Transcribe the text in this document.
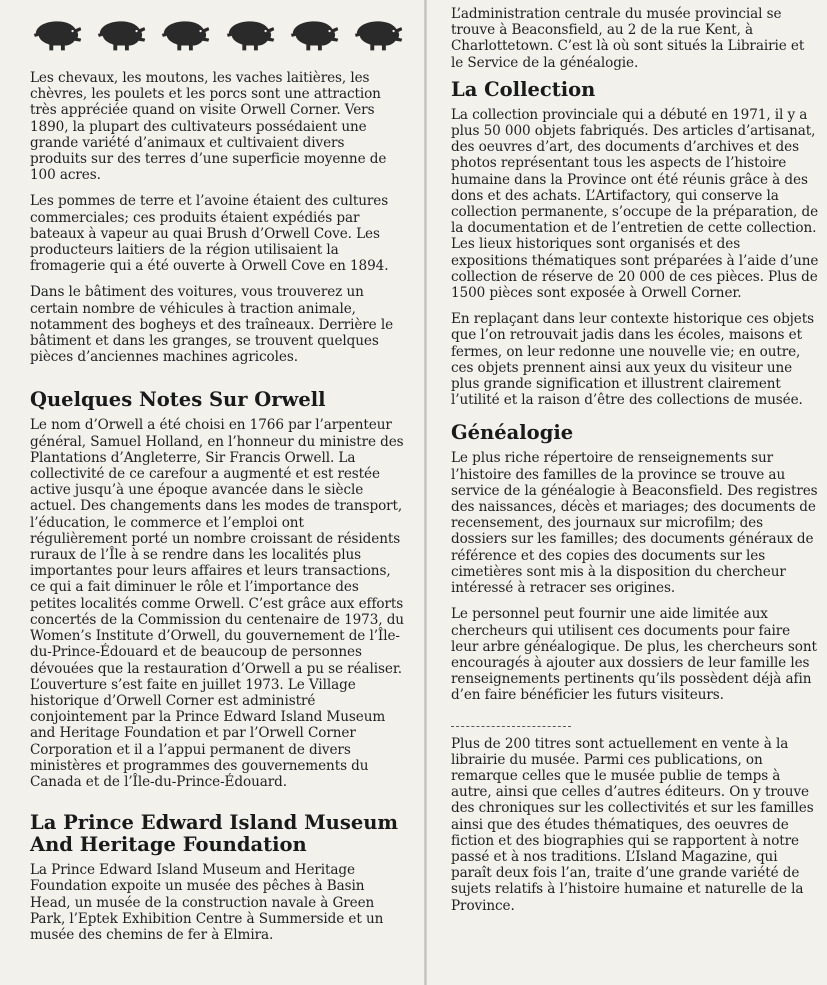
Les chevaux, les moutons, les vaches laitières, les chèvres, les poulets et les porcs sont une attraction très appréciée quand on visite Orwell Corner. Vers 1890, la plupart des cultivateurs possédaient une grande variété d’animaux et cultivaient divers produits sur des terres d’une superficie moyenne de 100 acres.

Les pommes de terre et l’avoine étaient des cultures commerciales; ces produits étaient expédiés par bateaux à vapeur au quai Brush d’Orwell Cove. Les producteurs laitiers de la région utilisaient la fromagerie qui a été ouverte à Orwell Cove en 1894.

Dans le bâtiment des voitures, vous trouverez un certain nombre de véhicules à traction animale, notamment des bogheys et des traîneaux. Derrière le bâtiment et dans les granges, se trouvent quelques pièces d’anciennes machines agricoles.

Quelques Notes Sur Orwell

Le nom d’Orwell a été choisi en 1766 par l’arpenteur général, Samuel Holland, en l’honneur du ministre des Plantations d’Angleterre, Sir Francis Orwell. La collectivité de ce carefour a augmenté et est restée active jusqu’à une époque avancée dans le siècle actuel. Des changements dans les modes de transport, l’éducation, le commerce et l’emploi ont régulièrement porté un nombre croissant de résidents ruraux de l’Île à se rendre dans les localités plus importantes pour leurs affaires et leurs transactions, ce qui a fait diminuer le rôle et l’importance des petites localités comme Orwell. C’est grâce aux efforts concertés de la Commission du centenaire de 1973, du Women’s Institute d’Orwell, du gouvernement de l’Île-du-Prince-Édouard et de beaucoup de personnes dévouées que la restauration d’Orwell a pu se réaliser. L’ouverture s’est faite en juillet 1973. Le Village historique d’Orwell Corner est administré conjointement par la Prince Edward Island Museum and Heritage Foundation et par l’Orwell Corner Corporation et il a l’appui permanent de divers ministères et programmes des gouvernements du Canada et de l’Île-du-Prince-Édouard.

La Prince Edward Island Museum And Heritage Foundation

La Prince Edward Island Museum and Heritage Foundation expoite un musée des pêches à Basin Head, un musée de la construction navale à Green Park, l’Eptek Exhibition Centre à Summerside et un musée des chemins de fer à Elmira.

L’administration centrale du musée provincial se trouve à Beaconsfield, au 2 de la rue Kent, à Charlottetown. C’est là où sont situés la Librairie et le Service de la généalogie.

La Collection

La collection provinciale qui a débuté en 1971, il y a plus 50 000 objets fabriqués. Des articles d’artisanat, des oeuvres d’art, des documents d’archives et des photos représentant tous les aspects de l’histoire humaine dans la Province ont été réunis grâce à des dons et des achats. L’Artifactory, qui conserve la collection permanente, s’occupe de la préparation, de la documentation et de l’entretien de cette collection. Les lieux historiques sont organisés et des expositions thématiques sont préparées à l’aide d’une collection de réserve de 20 000 de ces pièces. Plus de 1500 pièces sont exposée à Orwell Corner.

En replaçant dans leur contexte historique ces objets que l’on retrouvait jadis dans les écoles, maisons et fermes, on leur redonne une nouvelle vie; en outre, ces objets prennent ainsi aux yeux du visiteur une plus grande signification et illustrent clairement l’utilité et la raison d’être des collections de musée.

Généalogie

Le plus riche répertoire de renseignements sur l’histoire des familles de la province se trouve au service de la généalogie à Beaconsfield. Des registres des naissances, décès et mariages; des documents de recensement, des journaux sur microfilm; des dossiers sur les familles; des documents généraux de référence et des copies des documents sur les cimetières sont mis à la disposition du chercheur intéressé à retracer ses origines.

Le personnel peut fournir une aide limitée aux chercheurs qui utilisent ces documents pour faire leur arbre généalogique. De plus, les chercheurs sont encouragés à ajouter aux dossiers de leur famille les renseignements pertinents qu’ils possèdent déjà afin d’en faire bénéficier les futurs visiteurs.

Plus de 200 titres sont actuellement en vente à la librairie du musée. Parmi ces publications, on remarque celles que le musée publie de temps à autre, ainsi que celles d’autres éditeurs. On y trouve des chroniques sur les collectivités et sur les familles ainsi que des études thématiques, des oeuvres de fiction et des biographies qui se rapportent à notre passé et à nos traditions. L’Island Magazine, qui paraît deux fois l’an, traite d’une grande variété de sujets relatifs à l’histoire humaine et naturelle de la Province.
